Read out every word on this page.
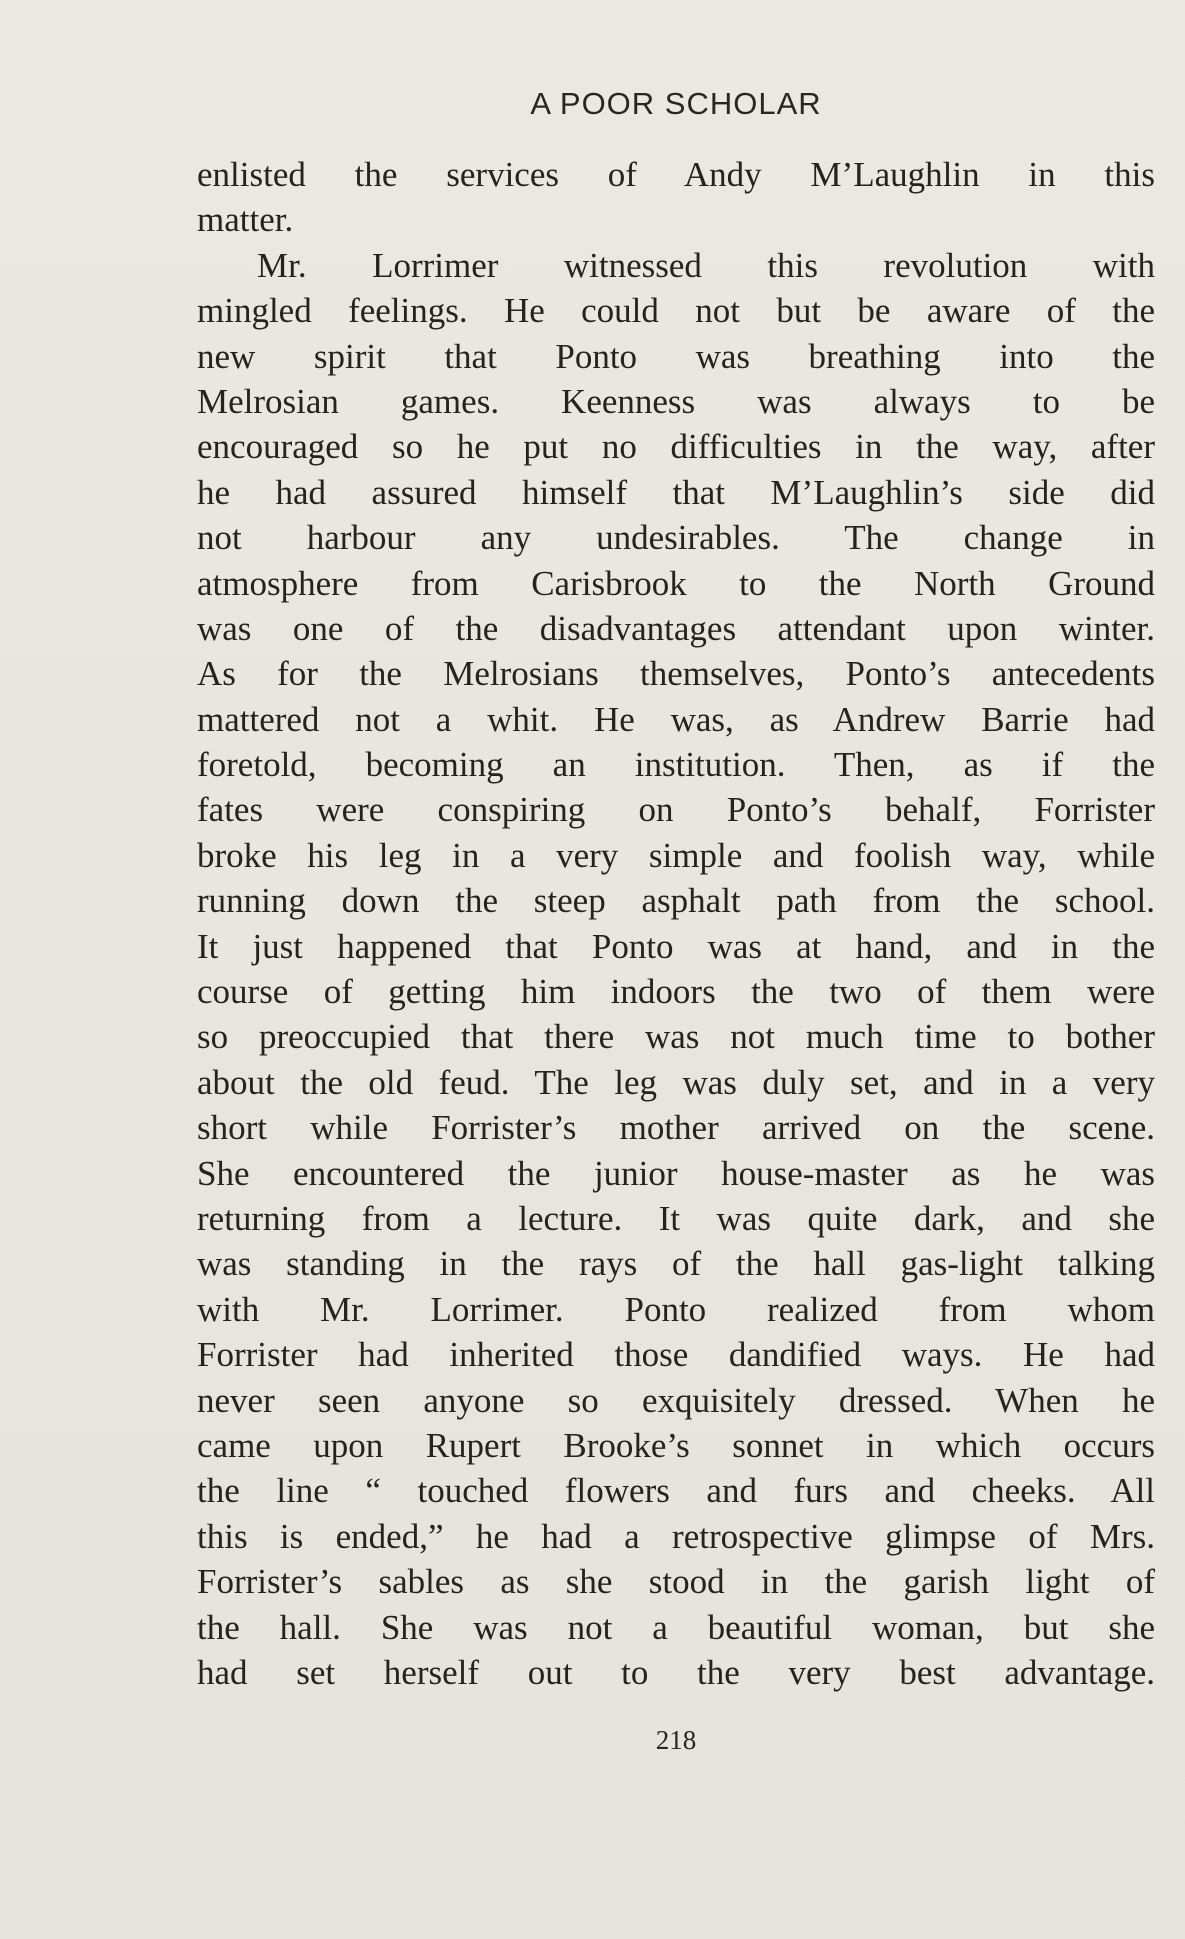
A POOR SCHOLAR
enlisted the services of Andy M’Laughlin in this
matter.
Mr. Lorrimer witnessed this revolution with
mingled feelings. He could not but be aware of the
new spirit that Ponto was breathing into the
Melrosian games. Keenness was always to be
encouraged so he put no difficulties in the way, after
he had assured himself that M’Laughlin’s side did
not harbour any undesirables. The change in
atmosphere from Carisbrook to the North Ground
was one of the disadvantages attendant upon winter.
As for the Melrosians themselves, Ponto’s antecedents
mattered not a whit. He was, as Andrew Barrie had
foretold, becoming an institution. Then, as if the
fates were conspiring on Ponto’s behalf, Forrister
broke his leg in a very simple and foolish way, while
running down the steep asphalt path from the school.
It just happened that Ponto was at hand, and in the
course of getting him indoors the two of them were
so preoccupied that there was not much time to bother
about the old feud. The leg was duly set, and in a very
short while Forrister’s mother arrived on the scene.
She encountered the junior house-master as he was
returning from a lecture. It was quite dark, and she
was standing in the rays of the hall gas-light talking
with Mr. Lorrimer. Ponto realized from whom
Forrister had inherited those dandified ways. He had
never seen anyone so exquisitely dressed. When he
came upon Rupert Brooke’s sonnet in which occurs
the line “ touched flowers and furs and cheeks. All
this is ended,” he had a retrospective glimpse of Mrs.
Forrister’s sables as she stood in the garish light of
the hall. She was not a beautiful woman, but she
had set herself out to the very best advantage.
218
